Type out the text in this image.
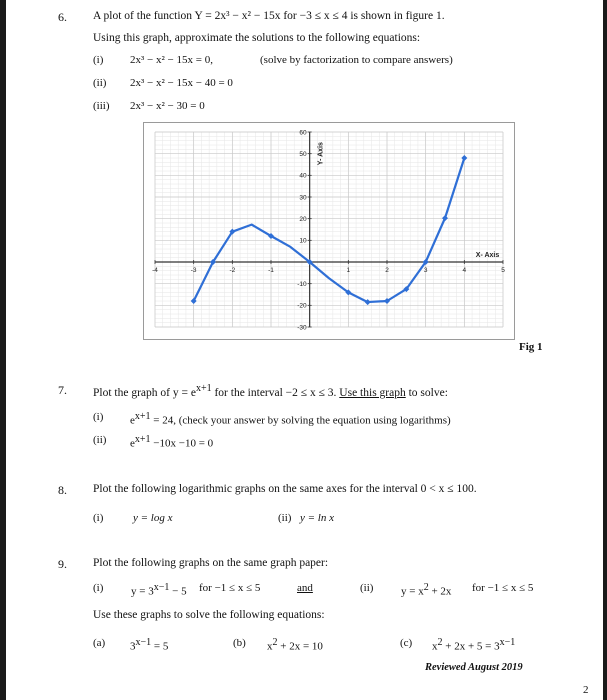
6. A plot of the function Y = 2x³ − x² − 15x for −3 ≤ x ≤ 4 is shown in figure 1.
Using this graph, approximate the solutions to the following equations:
(i) 2x³ − x² − 15x = 0,	(solve by factorization to compare answers)
(ii) 2x³ − x² − 15x − 40 = 0
(iii) 2x³ − x² − 30 = 0
-4	-3	-2	-1	1	2	3	4	5
-30
-20
-10
10
20
30
40
50
60
Y- Axis
X- Axis
Fig 1
7. Plot the graph of $y = e^{x+1}$ for the interval −2 ≤ x ≤ 3. Use this graph to solve:
(i) $e^{x+1} = 24$, (check your answer by solving the equation using logarithms)
(ii) $e^{x+1} -10x -10 = 0$
8. Plot the following logarithmic graphs on the same axes for the interval 0 < x ≤ 100.
(i)	y = log x	(ii) y = ln x
9. Plot the following graphs on the same graph paper:
(i)	$y = 3^{x-1} - 5$ for −1 ≤ x ≤ 5	and	(ii)	$y = x^2 + 2x$ for −1 ≤ x ≤ 5
Use these graphs to solve the following equations:
(a) $3^{x-1} = 5$	(b) $x^2 + 2x = 10$	(c) $x^2 + 2x + 5 = 3^{x-1}$
Reviewed August 2019
2
